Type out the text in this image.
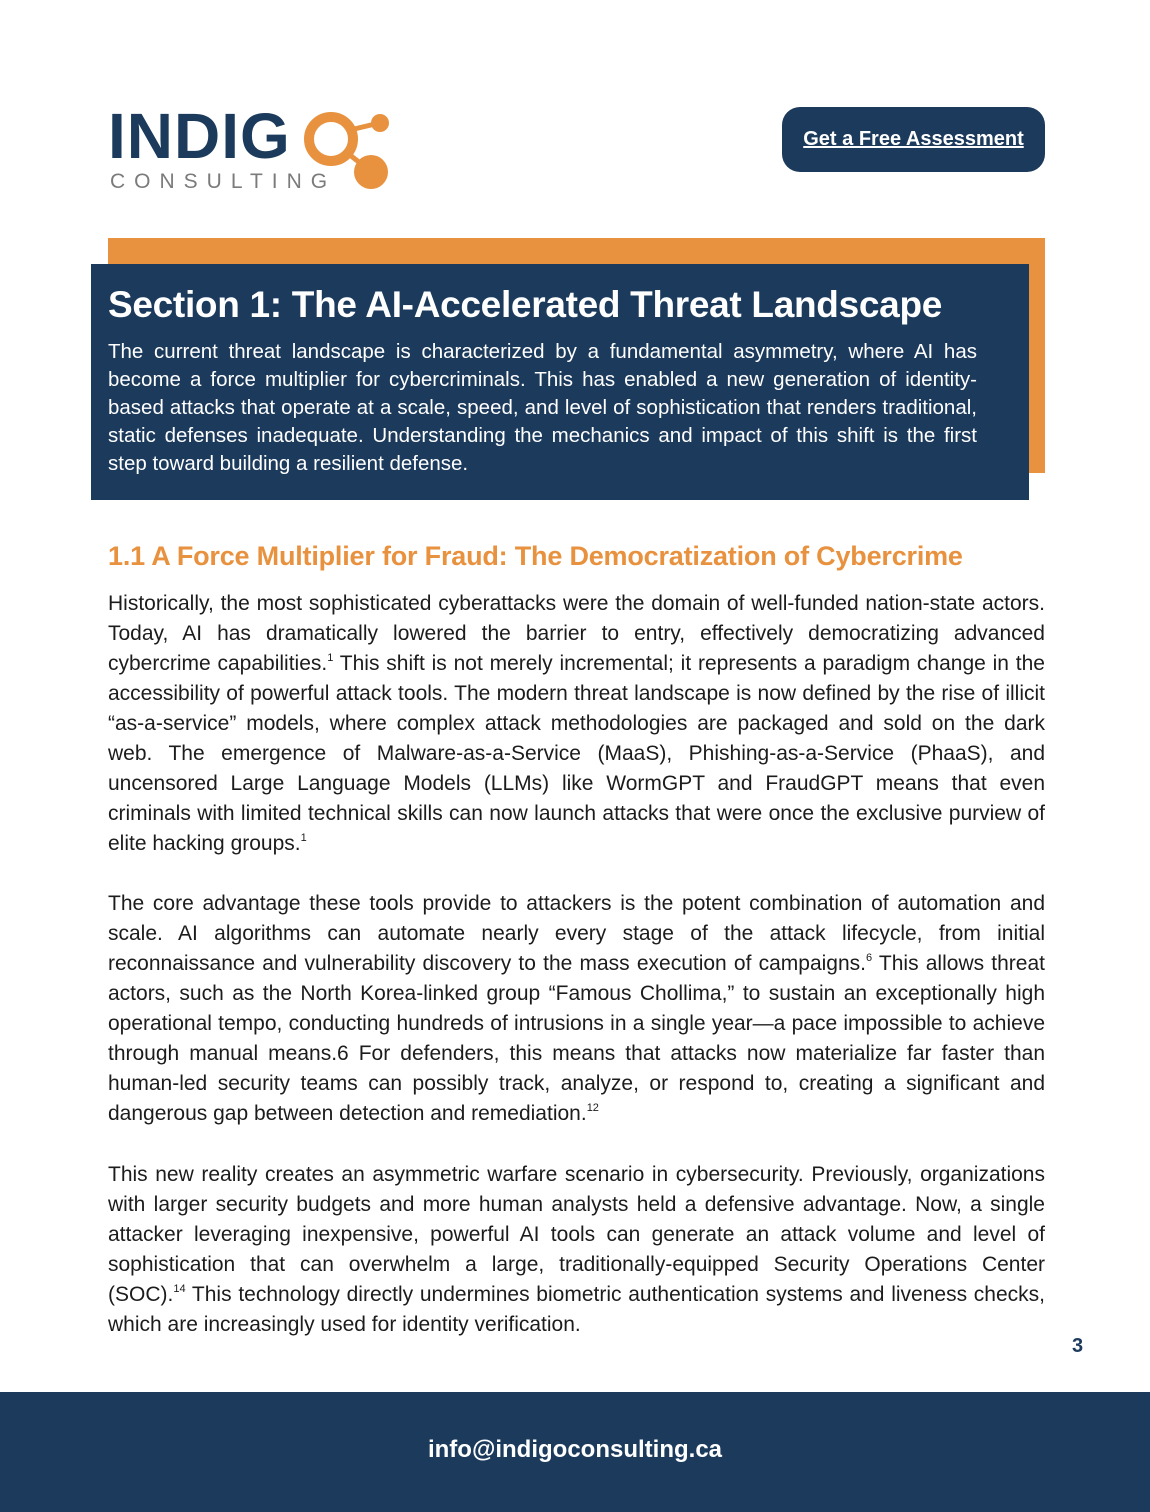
INDIG
CONSULTING
Get a Free Assessment
Section 1: The AI-Accelerated Threat Landscape

The current threat landscape is characterized by a fundamental asymmetry, where AI has become a force multiplier for cybercriminals. This has enabled a new generation of identity-based attacks that operate at a scale, speed, and level of sophistication that renders traditional, static defenses inadequate. Understanding the mechanics and impact of this shift is the first step toward building a resilient defense.

1.1 A Force Multiplier for Fraud: The Democratization of Cybercrime

Historically, the most sophisticated cyberattacks were the domain of well-funded nation-state actors. Today, AI has dramatically lowered the barrier to entry, effectively democratizing advanced cybercrime capabilities.$^1$ This shift is not merely incremental; it represents a paradigm change in the accessibility of powerful attack tools. The modern threat landscape is now defined by the rise of illicit “as-a-service” models, where complex attack methodologies are packaged and sold on the dark web. The emergence of Malware-as-a-Service (MaaS), Phishing-as-a-Service (PhaaS), and uncensored Large Language Models (LLMs) like WormGPT and FraudGPT means that even criminals with limited technical skills can now launch attacks that were once the exclusive purview of elite hacking groups.$^1$

The core advantage these tools provide to attackers is the potent combination of automation and scale. AI algorithms can automate nearly every stage of the attack lifecycle, from initial reconnaissance and vulnerability discovery to the mass execution of campaigns.$^6$ This allows threat actors, such as the North Korea-linked group “Famous Chollima,” to sustain an exceptionally high operational tempo, conducting hundreds of intrusions in a single year—a pace impossible to achieve through manual means.6 For defenders, this means that attacks now materialize far faster than human-led security teams can possibly track, analyze, or respond to, creating a significant and dangerous gap between detection and remediation.$^{12}$

This new reality creates an asymmetric warfare scenario in cybersecurity. Previously, organizations with larger security budgets and more human analysts held a defensive advantage. Now, a single attacker leveraging inexpensive, powerful AI tools can generate an attack volume and level of sophistication that can overwhelm a large, traditionally-equipped Security Operations Center (SOC).$^{14}$ This technology directly undermines biometric authentication systems and liveness checks, which are increasingly used for identity verification.

3
info@indigoconsulting.ca
